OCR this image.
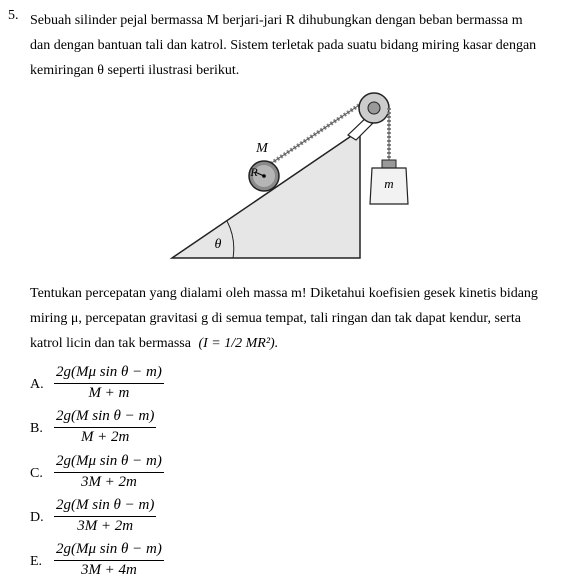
5. Sebuah silinder pejal bermassa M berjari-jari R dihubungkan dengan beban bermassa m
dan dengan bantuan tali dan katrol. Sistem terletak pada suatu bidang miring kasar dengan
kemiringan θ seperti ilustrasi berikut.
m
R
M
θ
Tentukan percepatan yang dialami oleh massa m! Diketahui koefisien gesek kinetis bidang
miring μ, percepatan gravitasi g di semua tempat, tali ringan dan tak dapat kendur, serta
katrol licin dan tak bermassa (I = 1/2 MR²).
A. $\frac{\text{2g(Mμ sin θ − m)}}{M + m}$
B. $\frac{\text{2g(M sin θ − m)}}{M + 2m}$
C. $\frac{\text{2g(Mμ sin θ − m)}}{3M + 2m}$
D. $\frac{\text{2g(M sin θ − m)}}{3M + 2m}$
E. $\frac{\text{2g(Mμ sin θ − m)}}{3M + 4m}$
